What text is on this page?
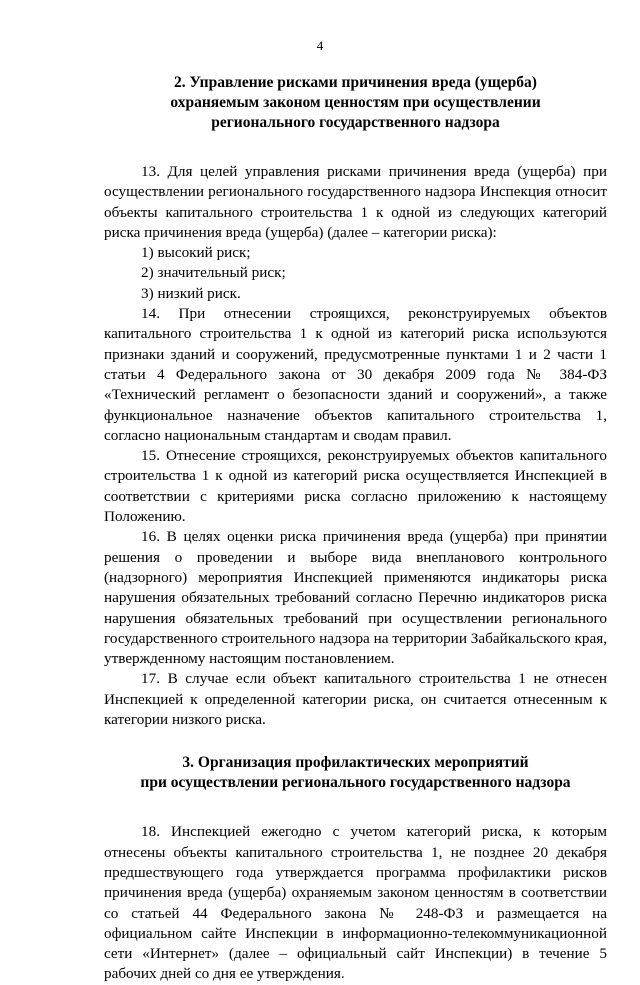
4
2. Управление рисками причинения вреда (ущерба)
охраняемым законом ценностям при осуществлении
регионального государственного надзора

13. Для целей управления рисками причинения вреда (ущерба) при осуществлении регионального государственного надзора Инспекция относит объекты капитального строительства 1 к одной из следующих категорий риска причинения вреда (ущерба) (далее – категории риска):

1) высокий риск;

2) значительный риск;

3) низкий риск.

14. При отнесении строящихся, реконструируемых объектов капитального строительства 1 к одной из категорий риска используются признаки зданий и сооружений, предусмотренные пунктами 1 и 2 части 1 статьи 4 Федерального закона от 30 декабря 2009 года № 384-ФЗ «Технический регламент о безопасности зданий и сооружений», а также функциональное назначение объектов капитального строительства 1, согласно национальным стандартам и сводам правил.

15. Отнесение строящихся, реконструируемых объектов капитального строительства 1 к одной из категорий риска осуществляется Инспекцией в соответствии с критериями риска согласно приложению к настоящему Положению.

16. В целях оценки риска причинения вреда (ущерба) при принятии решения о проведении и выборе вида внепланового контрольного (надзорного) мероприятия Инспекцией применяются индикаторы риска нарушения обязательных требований согласно Перечню индикаторов риска нарушения обязательных требований при осуществлении регионального государственного строительного надзора на территории Забайкальского края, утвержденному настоящим постановлением.

17. В случае если объект капитального строительства 1 не отнесен Инспекцией к определенной категории риска, он считается отнесенным к категории низкого риска.

3. Организация профилактических мероприятий
при осуществлении регионального государственного надзора

18. Инспекцией ежегодно с учетом категорий риска, к которым отнесены объекты капитального строительства 1, не позднее 20 декабря предшествующего года утверждается программа профилактики рисков причинения вреда (ущерба) охраняемым законом ценностям в соответствии со статьей 44 Федерального закона № 248-ФЗ и размещается на официальном сайте Инспекции в информационно-телекоммуникационной сети «Интернет» (далее – официальный сайт Инспекции) в течение 5 рабочих дней со дня ее утверждения.
